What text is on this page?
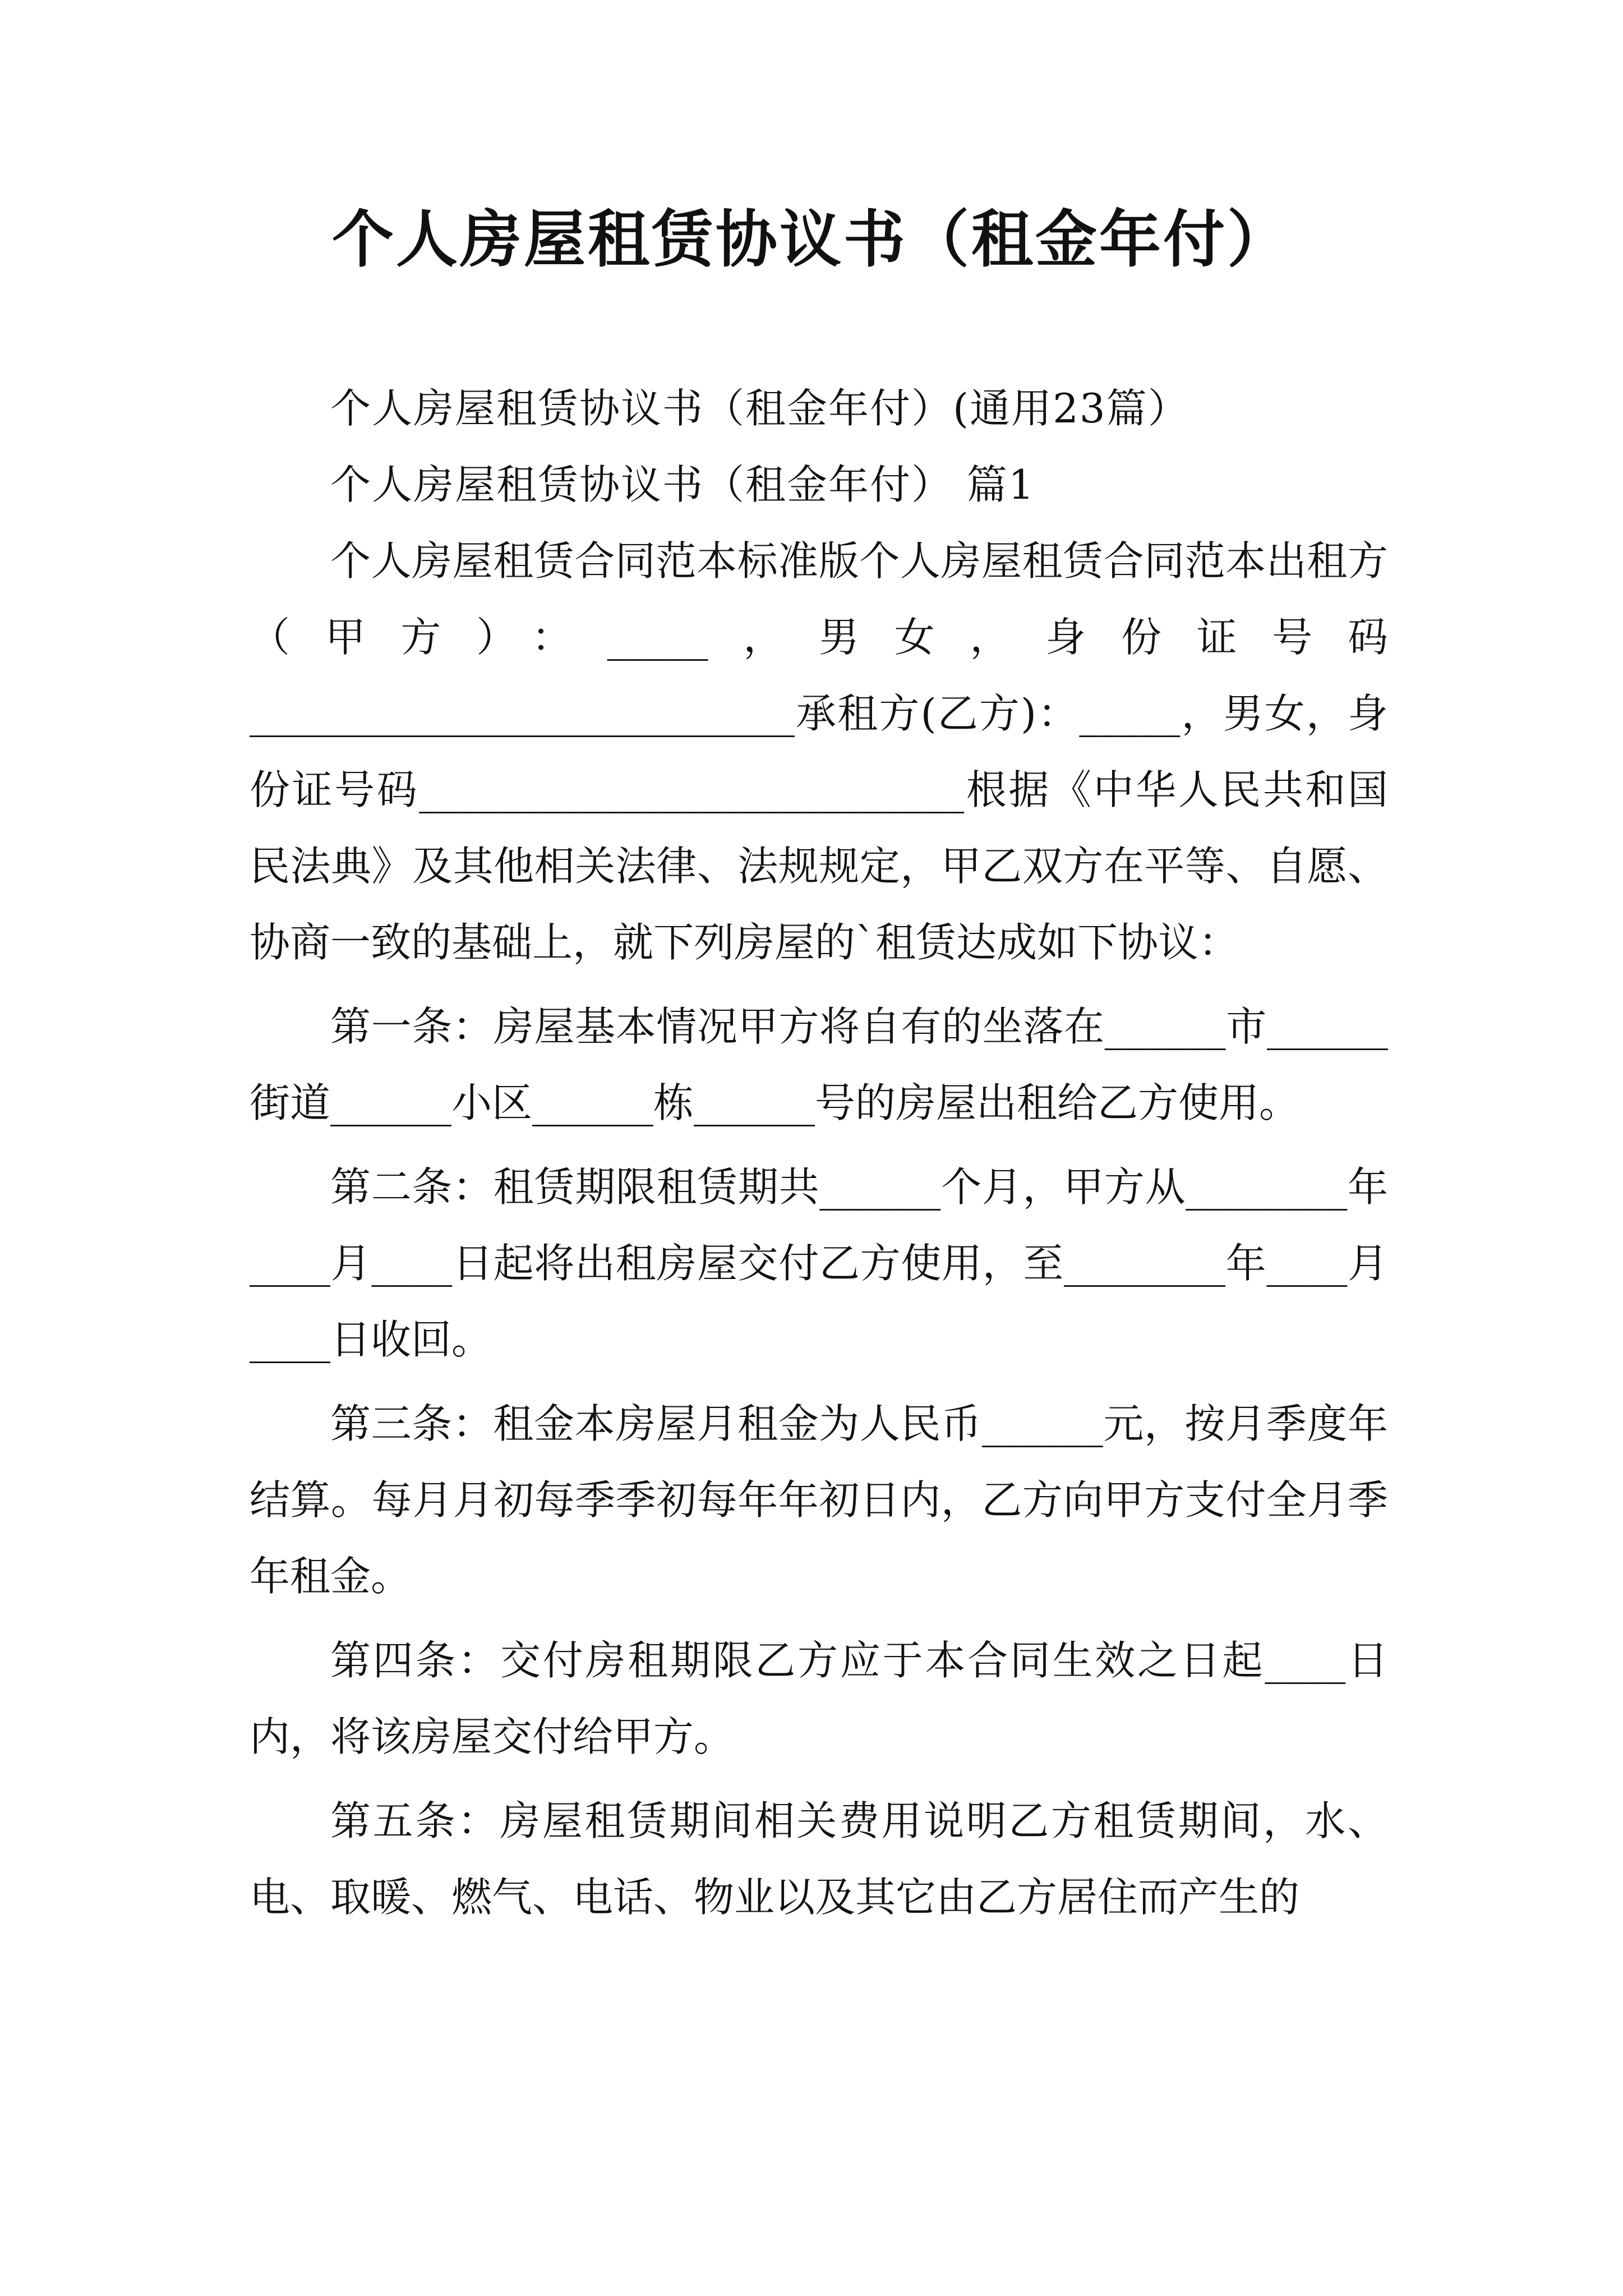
个人房屋租赁协议书（租金年付）
个人房屋租赁协议书（租金年付）(通用23篇）
个人房屋租赁协议书（租金年付） 篇1
个人房屋租赁合同范本标准版个人房屋租赁合同范本出租方（甲方）：_____，男女，身份证号码___________________________承租方(乙方)：_____，男女，身份证号码___________________________根据《中华人民共和国民法典》及其他相关法律、法规规定，甲乙双方在平等、自愿、协商一致的基础上，就下列房屋的`租赁达成如下协议：
第一条：房屋基本情况甲方将自有的坐落在______市______街道______小区______栋______号的房屋出租给乙方使用。
第二条：租赁期限租赁期共______个月，甲方从________年____月____日起将出租房屋交付乙方使用，至________年____月____日收回。
第三条：租金本房屋月租金为人民币______元，按月季度年结算。每月月初每季季初每年年初日内，乙方向甲方支付全月季年租金。
第四条：交付房租期限乙方应于本合同生效之日起____日内，将该房屋交付给甲方。
第五条：房屋租赁期间相关费用说明乙方租赁期间，水、电、取暖、燃气、电话、物业以及其它由乙方居住而产生的
